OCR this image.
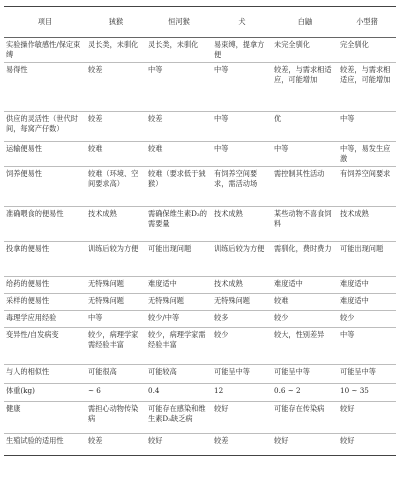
项目	狨猴	恒河猴	犬	白鼬	小型猪
实验操作敏感性/保定束缚	灵长类，未驯化	灵长类，未驯化	易束缚，提拿方便	未完全驯化	完全驯化
易得性	较差	中等	中等	较差，与需求相适应，可能增加	较差，与需求相适应，可能增加
供应的灵活性（世代时间，每窝产仔数）	较差	较差	中等	优	中等
运输便易性	较难	较难	中等	中等	中等，易发生应激
饲养便易性	较难（环境、空间要求高）	较难（要求低于狨猴）	有饲养空间要求，需活动场	需控制其性活动	有饲养空间要求
准确喂食的便易性	技术成熟	需确保维生素D₃的需要量	技术成熟	某些动物不喜食饲料	技术成熟
投拿的便易性	训练后较为方便	可能出现问题	训练后较为方便	需驯化，费时费力	可能出现问题
给药的便易性	无特殊问题	难度适中	技术成熟	难度适中	难度适中
采样的便易性	无特殊问题	无特殊问题	无特殊问题	较难	难度适中
毒理学应用经验	中等	较少/中等	较多	较少	较少
变异性/自发病变	较少，病理学家需经验丰富	较少，病理学家需经验丰富	较少	较大，性别差异	中等
与人的相似性	可能很高	可能较高	可能呈中等	可能呈中等	可能呈中等
体重(kg)	~ 6	0.4	12	0.6 ~ 2	10 ~ 35
健康	需担心动物传染病	可能存在感染和维生素D₃缺乏病	较好	可能存在传染病	较好
生殖试验的适用性	较差	较好	较差	较好	较好
